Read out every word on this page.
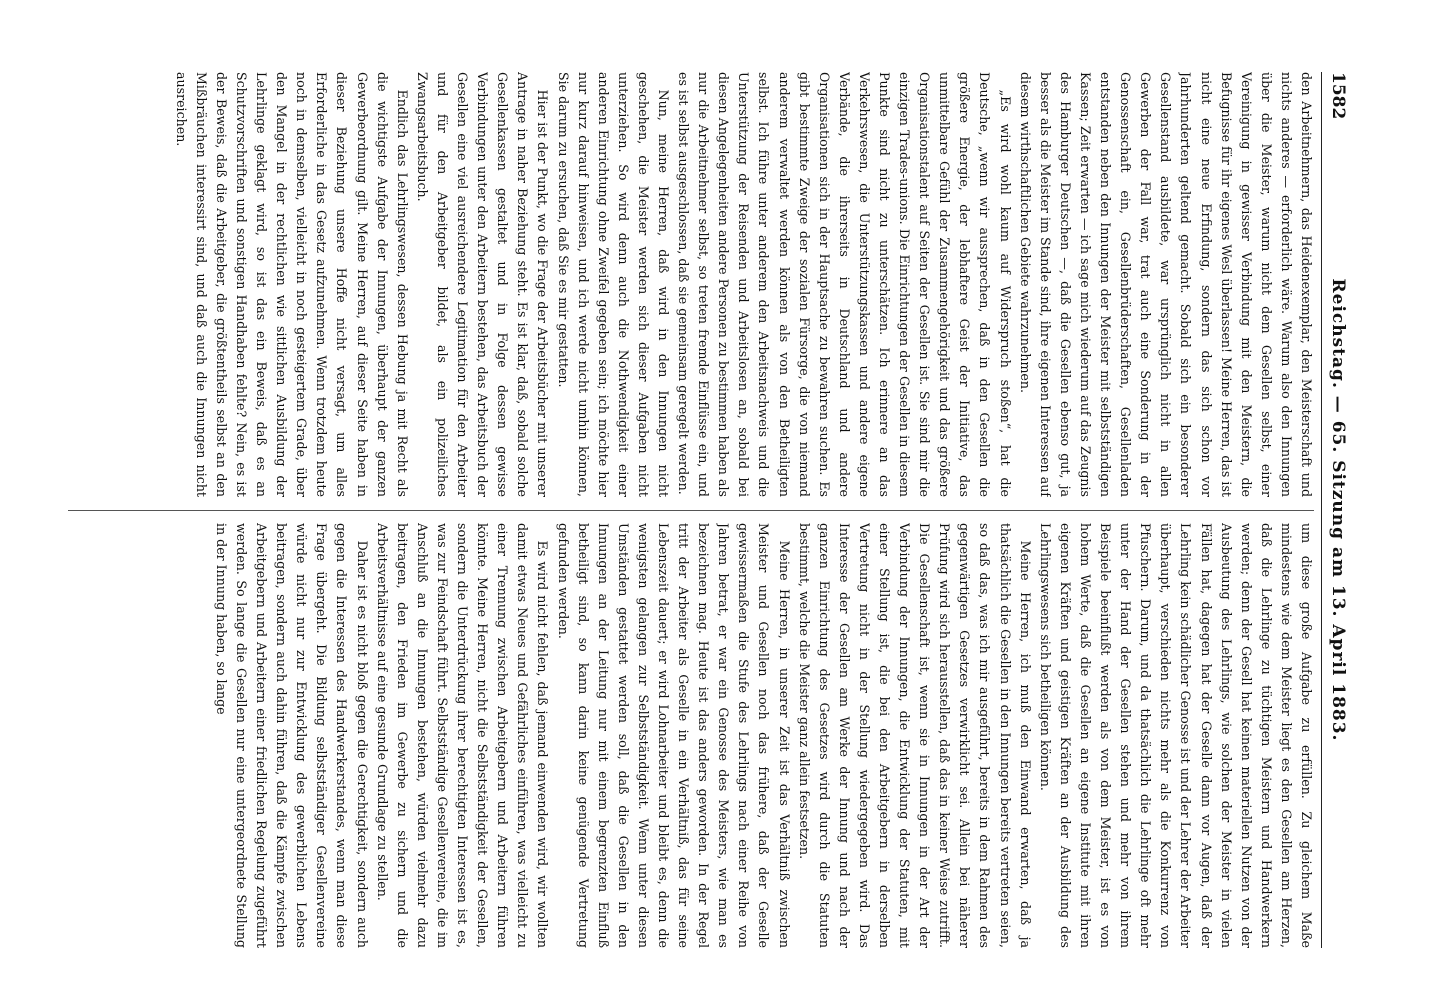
1582
Reichstag. — 65. Sitzung am 13. April 1883.

den Arbeitnehmern, das Heidenexemplar, den Meisterschaft und nichts anderes — erforderlich wäre. Warum also den Innungen über die Meister, warum nicht dem Gesellen selbst, einer Vereinigung in gewisser Verbindung mit den Meistern, die Befugnisse für ihr eigenes Wesl überlassen! Meine Herren, das ist nicht eine neue Erfindung, sondern das sich schon vor Jahrhunderten geltend gemacht. Sobald sich ein besonderer Gesellenstand ausbildete, war ursprünglich nicht in allen Gewerben der Fall war, trat auch eine Sonderung in der Genossenschaft ein, Gesellenbrüderschaften, Gesellenladen entstanden neben den Innungen der Meister mit selbstständigen Kassen; Zeit erwarten — ich sage mich wiederum auf das Zeugnis des Hamburger Deutschen —, daß die Gesellen ebenso gut, ja besser als die Meister im Stande sind, ihre eigenen Interessen auf diesem wirthschaftlichen Gebiete wahrzunehmen.

„Es wird wohl kaum auf Widerspruch stoßen“, hat die Deutsche, „wenn wir aussprechen, daß in den Gesellen die größere Energie, der lebhaftere Geist der Initiative, das unmittelbare Gefühl der Zusammengehörigkeit und das größere Organisationstalent auf Seiten der Gesellen ist. Sie sind mir die einzigen Trades-unions. Die Einrichtungen der Gesellen in diesem Punkte sind nicht zu unterschätzen. Ich erinnere an das Verkehrswesen, die Unterstützungskassen und andere eigene Verbände, die ihrerseits in Deutschland und andere Organisationen sich in der Hauptsache zu bewahren suchen. Es gibt bestimmte Zweige der sozialen Fürsorge, die von niemand anderem verwaltet werden können als von den Betheiligten selbst. Ich führe unter anderem den Arbeitsnachweis und die Unterstützung der Reisenden und Arbeitslosen an, sobald bei diesen Angelegenheiten andere Personen zu bestimmen haben als nur die Arbeitnehmer selbst, so treten fremde Einflüsse ein, und es ist selbst ausgeschlossen, daß sie gemeinsam geregelt werden.

Nun, meine Herren, daß wird in den Innungen nicht geschehen, die Meister werden sich dieser Aufgaben nicht unterziehen. So wird denn auch die Nothwendigkeit einer anderen Einrichtung ohne Zweifel gegeben sein; ich möchte hier nur kurz darauf hinweisen, und ich werde nicht umhin können, Sie darum zu ersuchen, daß Sie es mir gestatten.

Hier ist der Punkt, wo die Frage der Arbeitsbücher mit unserer Antrage in naher Beziehung steht. Es ist klar, daß, sobald solche Gesellenkassen gestaltet und in Folge dessen gewisse Verbindungen unter den Arbeitern bestehen, das Arbeitsbuch der Gesellen eine viel ausreichendere Legitimation für den Arbeiter und für den Arbeitgeber bildet, als ein polizeiliches Zwangsarbeitsbuch.

Endlich das Lehrlingswesen, dessen Hebung ja mit Recht als die wichtigste Aufgabe der Innungen, überhaupt der ganzen Gewerbeordnung gilt. Meine Herren, auf dieser Seite haben in dieser Beziehung unsere Hoffe nicht versagt, um alles Erforderliche in das Gesetz aufzunehmen. Wenn trotzdem heute noch in demselben, vielleicht in noch gesteigertem Grade, über den Mangel in der rechtlichen wie sittlichen Ausbildung der Lehrlinge geklagt wird, so ist das ein Beweis, daß es an Schutzvorschriften und sonstigen Handhaben fehlte? Nein, es ist der Beweis, daß die Arbeitgeber, die größtentheils selbst an den Mißbräuchen interessirt sind, und daß auch die Innungen nicht ausreichen.

um diese große Aufgabe zu erfüllen. Zu gleichem Maße mindestens wie dem Meister liegt es den Gesellen am Herzen, daß die Lehrlinge zu tüchtigen Meistern und Handwerkern werden; denn der Gesell hat keinen materiellen Nutzen von der Ausbeutung des Lehrlings, wie solchen der Meister in vielen Fällen hat, dagegen hat der Geselle dann vor Augen, daß der Lehrling kein schädlicher Genosse ist und der Lehrer der Arbeiter überhaupt, verschieden nichts mehr als die Konkurrenz von Pfuschern. Darum, und da thatsächlich die Lehrlinge oft mehr unter der Hand der Gesellen stehen und mehr von ihrem Beispiele beeinflußt werden als von dem Meister, ist es von hohem Werte, daß die Gesellen an eigene Institute mit ihren eigenen Kräften und geistigen Kräften an der Ausbildung des Lehrlingswesens sich betheiligen können.

Meine Herren, ich muß den Einwand erwarten, daß ja thatsächlich die Gesellen in den Innungen bereits vertreten seien, so daß das, was ich mir ausgeführt, bereits in dem Rahmen des gegenwärtigen Gesetzes verwirklicht sei. Allein bei näherer Prüfung wird sich herausstellen, daß das in keiner Weise zutrifft. Die Gesellenschaft ist, wenn sie in Innungen in der Art der Verbindung der Innungen, die Entwicklung der Statuten, mit einer Stellung ist, die bei den Arbeitgebern in derselben Vertretung nicht in der Stellung wiedergegeben wird. Das Interesse der Gesellen am Werke der Innung und nach der ganzen Einrichtung des Gesetzes wird durch die Statuten bestimmt, welche die Meister ganz allein festsetzen.

Meine Herren, in unserer Zeit ist das Verhältniß zwischen Meister und Gesellen noch das frühere, daß der Geselle gewissermaßen die Stufe des Lehrlings nach einer Reihe von Jahren betrat, er war ein Genosse des Meisters, wie man es bezeichnen mag. Heute ist das anders geworden. In der Regel tritt der Arbeiter als Geselle in ein Verhältniß, das für seine Lebenszeit dauert; er wird Lohnarbeiter und bleibt es, denn die wenigsten gelangen zur Selbstständigkeit. Wenn unter diesen Umständen gestattet werden soll, daß die Gesellen in den Innungen an der Leitung nur mit einem begrenzten Einfluß betheiligt sind, so kann darin keine genügende Vertretung gefunden werden.

Es wird nicht fehlen, daß jemand einwenden wird, wir wollten damit etwas Neues und Gefährliches einführen, was vielleicht zu einer Trennung zwischen Arbeitgebern und Arbeitern führen könnte. Meine Herren, nicht die Selbstständigkeit der Gesellen, sondern die Unterdrückung ihrer berechtigten Interessen ist es, was zur Feindschaft führt. Selbstständige Gesellenvereine, die im Anschluß an die Innungen bestehen, würden vielmehr dazu beitragen, den Frieden im Gewerbe zu sichern und die Arbeitsverhältnisse auf eine gesunde Grundlage zu stellen.

Daher ist es nicht bloß gegen die Gerechtigkeit, sondern auch gegen die Interessen des Handwerkerstandes, wenn man diese Frage übergeht. Die Bildung selbstständiger Gesellenvereine würde nicht nur zur Entwicklung des gewerblichen Lebens beitragen, sondern auch dahin führen, daß die Kämpfe zwischen Arbeitgebern und Arbeitern einer friedlichen Regelung zugeführt werden. So lange die Gesellen nur eine untergeordnete Stellung in der Innung haben, so lange
